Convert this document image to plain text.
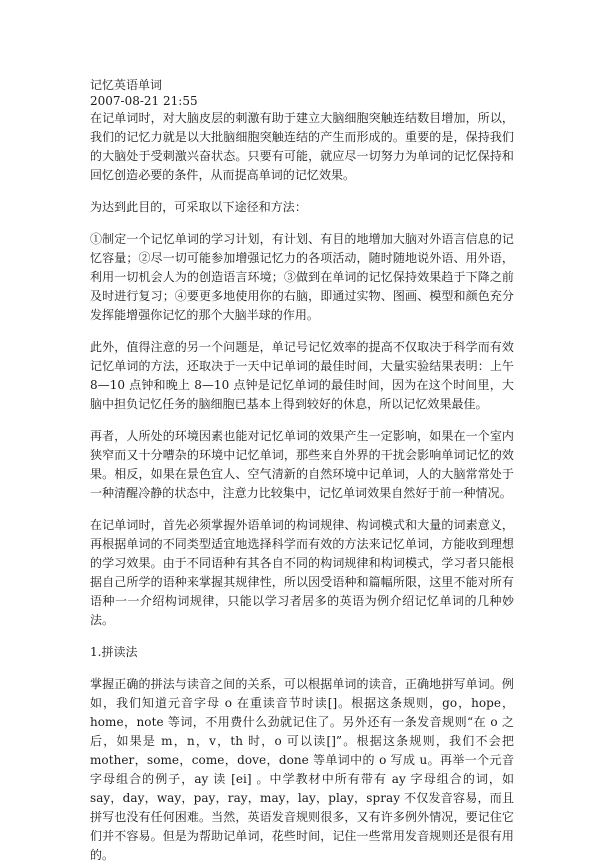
记忆英语单词
2007-08-21 21:55

在记单词时，对大脑皮层的刺激有助于建立大脑细胞突触连结数目增加，所以，我们的记忆力就是以大批脑细胞突触连结的产生而形成的。重要的是，保持我们的大脑处于受刺激兴奋状态。只要有可能，就应尽一切努力为单词的记忆保持和回忆创造必要的条件，从而提高单词的记忆效果。

为达到此目的，可采取以下途径和方法：

①制定一个记忆单词的学习计划，有计划、有目的地增加大脑对外语言信息的记忆容量；②尽一切可能参加增强记忆力的各项活动，随时随地说外语、用外语，利用一切机会人为的创造语言环境；③做到在单词的记忆保持效果趋于下降之前及时进行复习；④要更多地使用你的右脑，即通过实物、图画、模型和颜色充分发挥能增强你记忆的那个大脑半球的作用。

此外，值得注意的另一个问题是，单记号记忆效率的提高不仅取决于科学而有效记忆单词的方法，还取决于一天中记单词的最佳时间，大量实验结果表明：上午 8—10 点钟和晚上 8—10 点钟是记忆单词的最佳时间，因为在这个时间里，大脑中担负记忆任务的脑细胞已基本上得到较好的休息，所以记忆效果最佳。

再者，人所处的环境因素也能对记忆单词的效果产生一定影响，如果在一个室内狭窄而又十分嘈杂的环境中记忆单词，那些来自外界的干扰会影响单词记忆的效果。相反，如果在景色宜人、空气清新的自然环境中记单词，人的大脑常常处于一种清醒冷静的状态中，注意力比较集中，记忆单词效果自然好于前一种情况。

在记单词时，首先必须掌握外语单词的构词规律、构词模式和大量的词素意义，再根据单词的不同类型适宜地选择科学而有效的方法来记忆单词，方能收到理想的学习效果。由于不同语种有其各自不同的构词规律和构词模式，学习者只能根据自己所学的语种来掌握其规律性，所以因受语种和篇幅所限，这里不能对所有语种一一介绍构词规律，只能以学习者居多的英语为例介绍记忆单词的几种妙法。

1.拼读法

掌握正确的拼法与读音之间的关系，可以根据单词的读音，正确地拼写单词。例如，我们知道元音字母 o 在重读音节时读[]。根据这条规则，go，hope，home，note 等词，不用费什么劲就记住了。另外还有一条发音规则“在 o 之后，如果是 m，n，v，th 时，o 可以读[]”。根据这条规则，我们不会把 mother，some，come，dove，done 等单词中的 o 写成 u。再举一个元音字母组合的例子，ay 读 [ei] 。中学教材中所有带有 ay 字母组合的词，如 say，day，way，pay，ray，may，lay，play，spray 不仅发音容易，而且拼写也没有任何困难。当然，英语发音规则很多，又有许多例外情况，要记住它们并不容易。但是为帮助记单词，花些时间，记住一些常用发音规则还是很有用的。
